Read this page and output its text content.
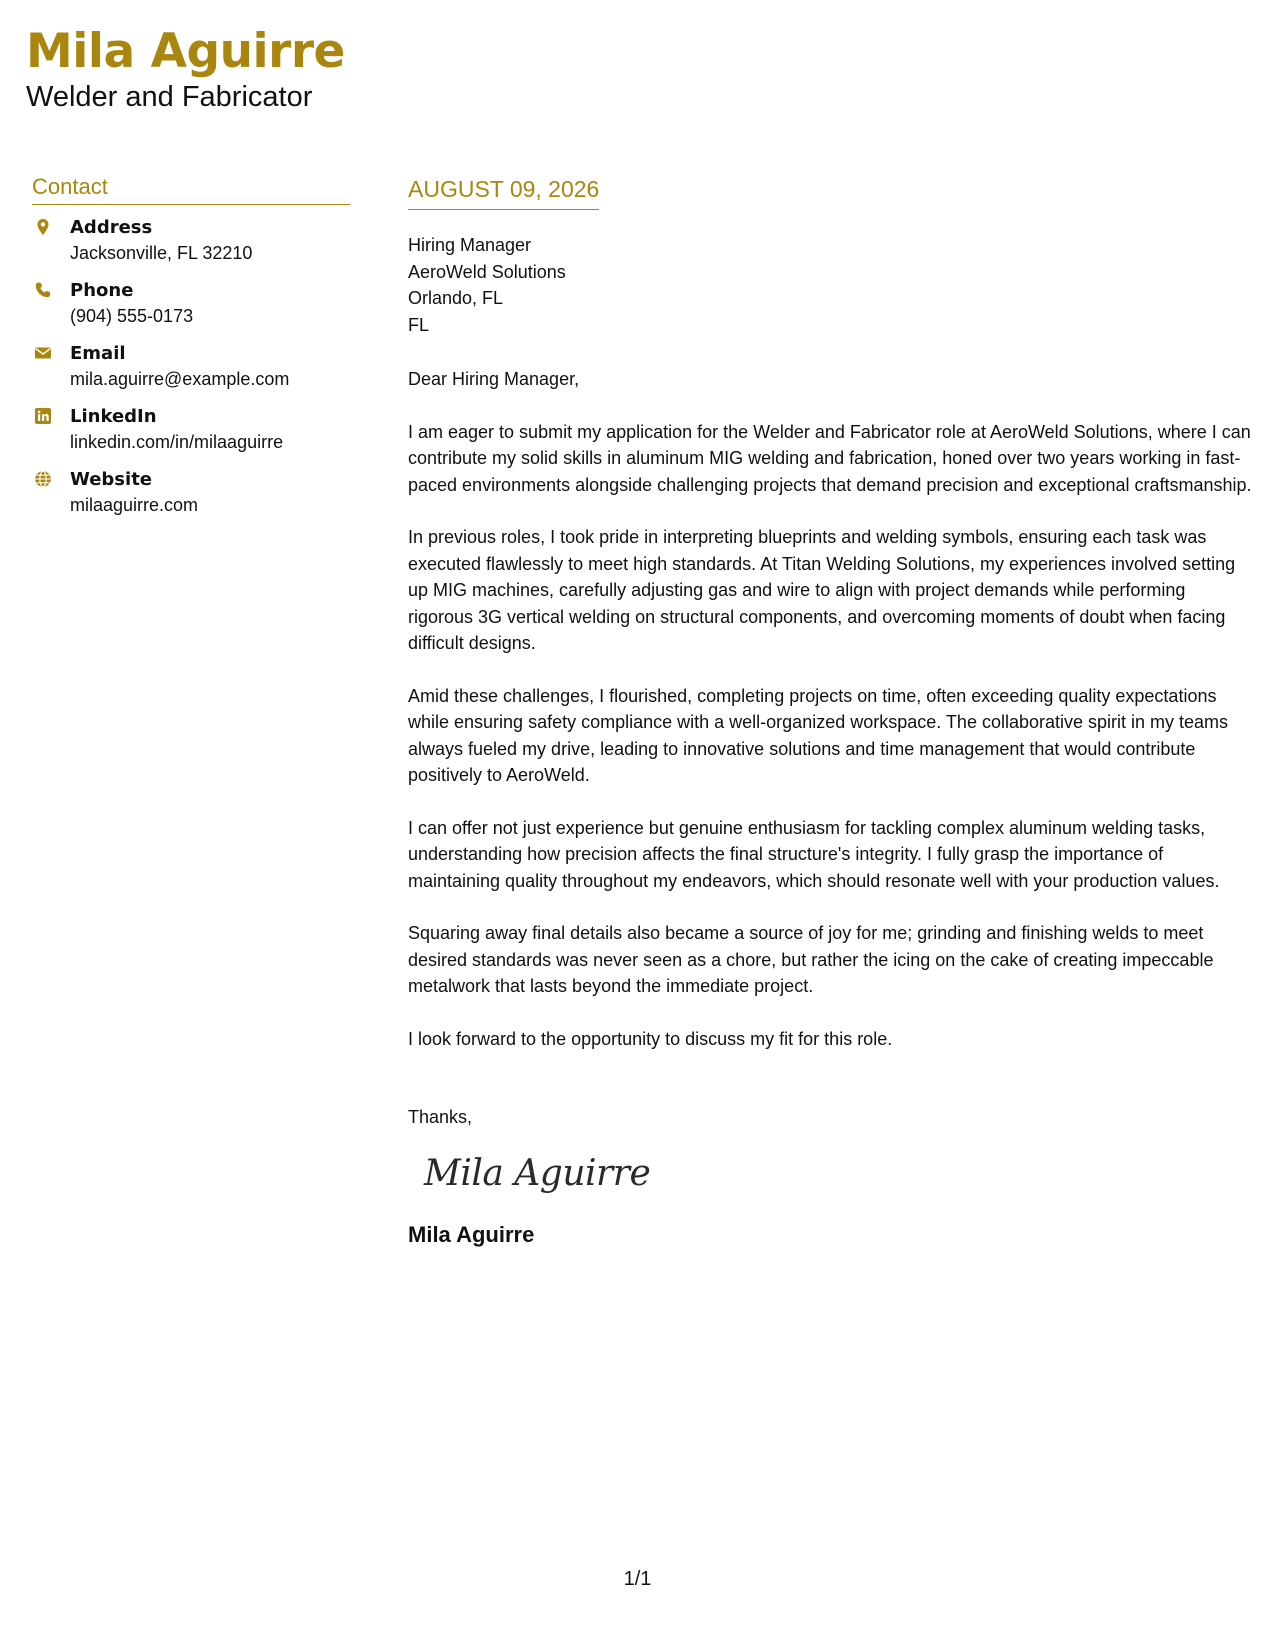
Mila Aguirre
Welder and Fabricator
Contact
Address
Jacksonville, FL 32210
Phone
(904) 555-0173
Email
mila.aguirre@example.com
LinkedIn
linkedin.com/in/milaaguirre
Website
milaaguirre.com
AUGUST 09, 2026
Hiring Manager
AeroWeld Solutions
Orlando, FL
FL
Dear Hiring Manager,
I am eager to submit my application for the Welder and Fabricator role at AeroWeld Solutions, where I can contribute my solid skills in aluminum MIG welding and fabrication, honed over two years working in fast-paced environments alongside challenging projects that demand precision and exceptional craftsmanship.
In previous roles, I took pride in interpreting blueprints and welding symbols, ensuring each task was executed flawlessly to meet high standards. At Titan Welding Solutions, my experiences involved setting up MIG machines, carefully adjusting gas and wire to align with project demands while performing rigorous 3G vertical welding on structural components, and overcoming moments of doubt when facing difficult designs.
Amid these challenges, I flourished, completing projects on time, often exceeding quality expectations while ensuring safety compliance with a well-organized workspace. The collaborative spirit in my teams always fueled my drive, leading to innovative solutions and time management that would contribute positively to AeroWeld.
I can offer not just experience but genuine enthusiasm for tackling complex aluminum welding tasks, understanding how precision affects the final structure's integrity. I fully grasp the importance of maintaining quality throughout my endeavors, which should resonate well with your production values.
Squaring away final details also became a source of joy for me; grinding and finishing welds to meet desired standards was never seen as a chore, but rather the icing on the cake of creating impeccable metalwork that lasts beyond the immediate project.
I look forward to the opportunity to discuss my fit for this role.
Thanks,
Mila Aguirre
Mila Aguirre
1/1
